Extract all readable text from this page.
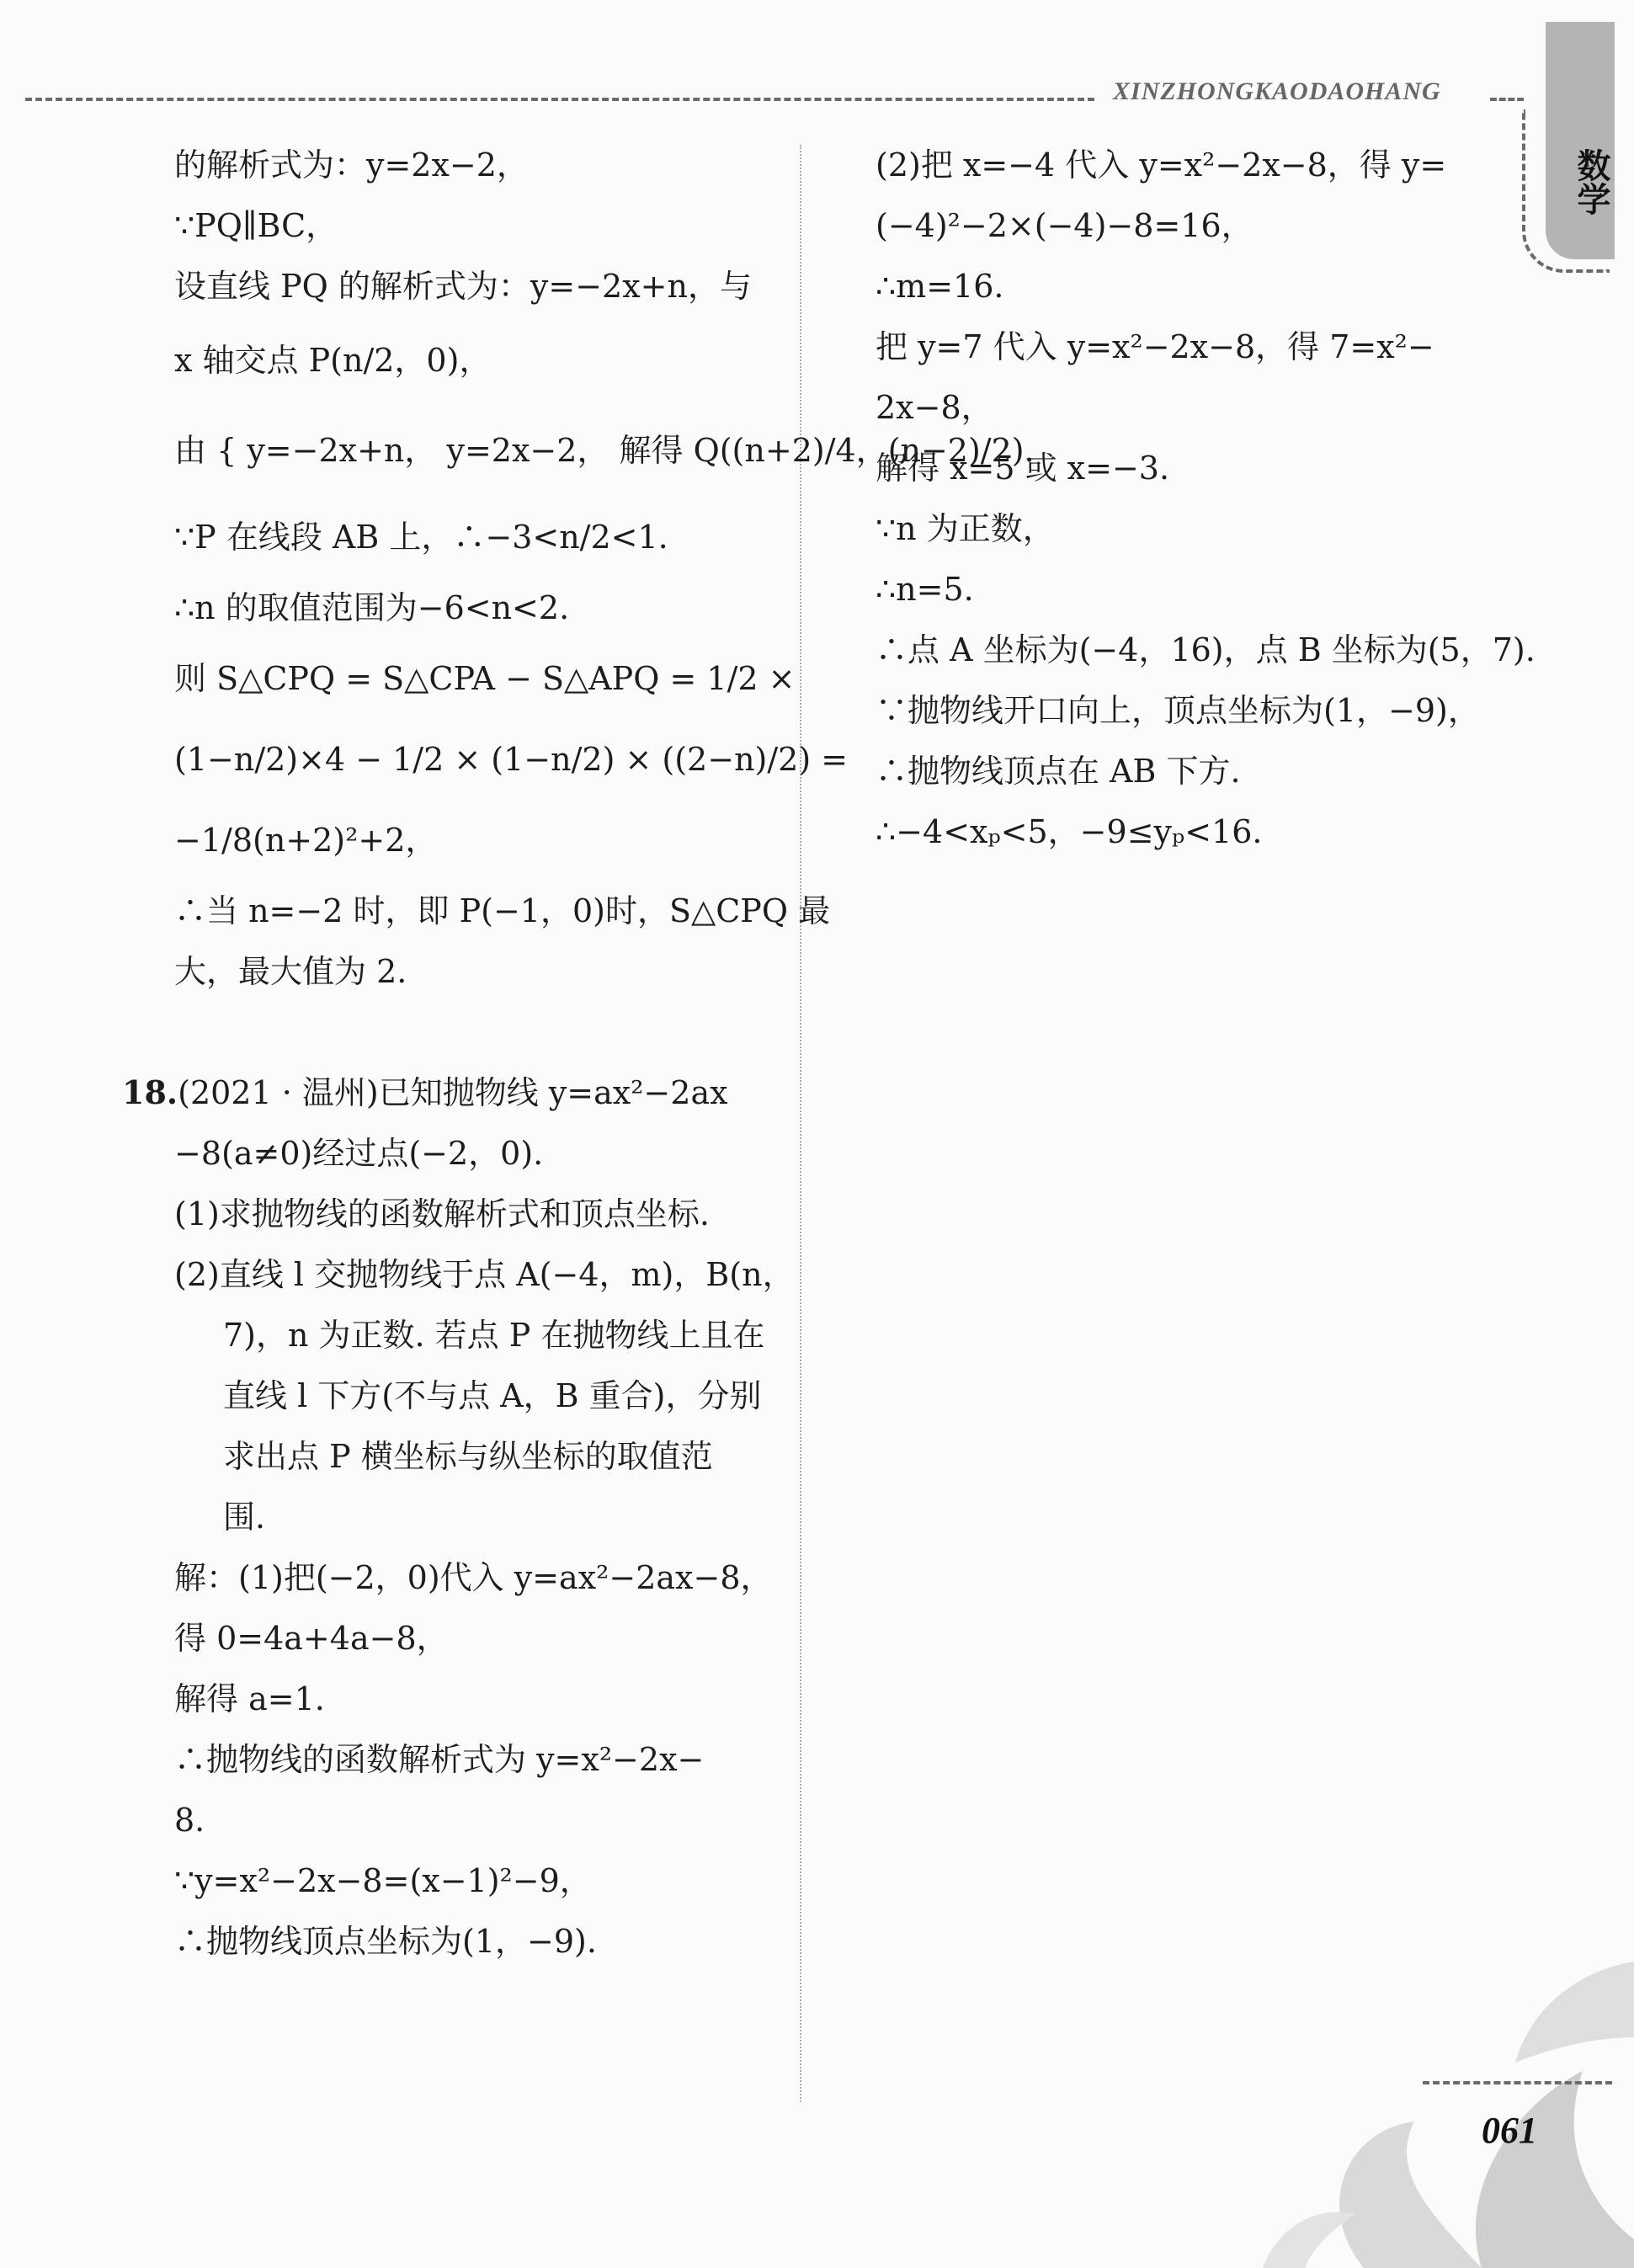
XINZHONGKAODAOHANG
数学
的解析式为：y=2x−2，
∵PQ∥BC，
设直线 PQ 的解析式为：y=−2x+n，与
x 轴交点 P(n/2，0)，
由 { y=−2x+n， y=2x−2， 解得 Q((n+2)/4，(n−2)/2).
∵P 在线段 AB 上，∴−3<n/2<1.
∴n 的取值范围为−6<n<2.
则 S△CPQ = S△CPA − S△APQ = 1/2 ×
(1−n/2)×4 − 1/2 × (1−n/2) × ((2−n)/2) =
−1/8(n+2)²+2，
∴当 n=−2 时，即 P(−1，0)时，S△CPQ 最
大，最大值为 2.
18.(2021 · 温州)已知抛物线 y=ax²−2ax
−8(a≠0)经过点(−2，0).
(1)求抛物线的函数解析式和顶点坐标.
(2)直线 l 交抛物线于点 A(−4，m)，B(n，
7)，n 为正数. 若点 P 在抛物线上且在
直线 l 下方(不与点 A，B 重合)，分别
求出点 P 横坐标与纵坐标的取值范
围.
解：(1)把(−2，0)代入 y=ax²−2ax−8，
得 0=4a+4a−8，
解得 a=1.
∴抛物线的函数解析式为 y=x²−2x−
8.
∵y=x²−2x−8=(x−1)²−9，
∴抛物线顶点坐标为(1，−9).
(2)把 x=−4 代入 y=x²−2x−8，得 y=
(−4)²−2×(−4)−8=16，
∴m=16.
把 y=7 代入 y=x²−2x−8，得 7=x²−
2x−8，
解得 x=5 或 x=−3.
∵n 为正数，
∴n=5.
∴点 A 坐标为(−4，16)，点 B 坐标为(5，7).
∵抛物线开口向上，顶点坐标为(1，−9)，
∴抛物线顶点在 AB 下方.
∴−4<xₚ<5，−9≤yₚ<16.
061
